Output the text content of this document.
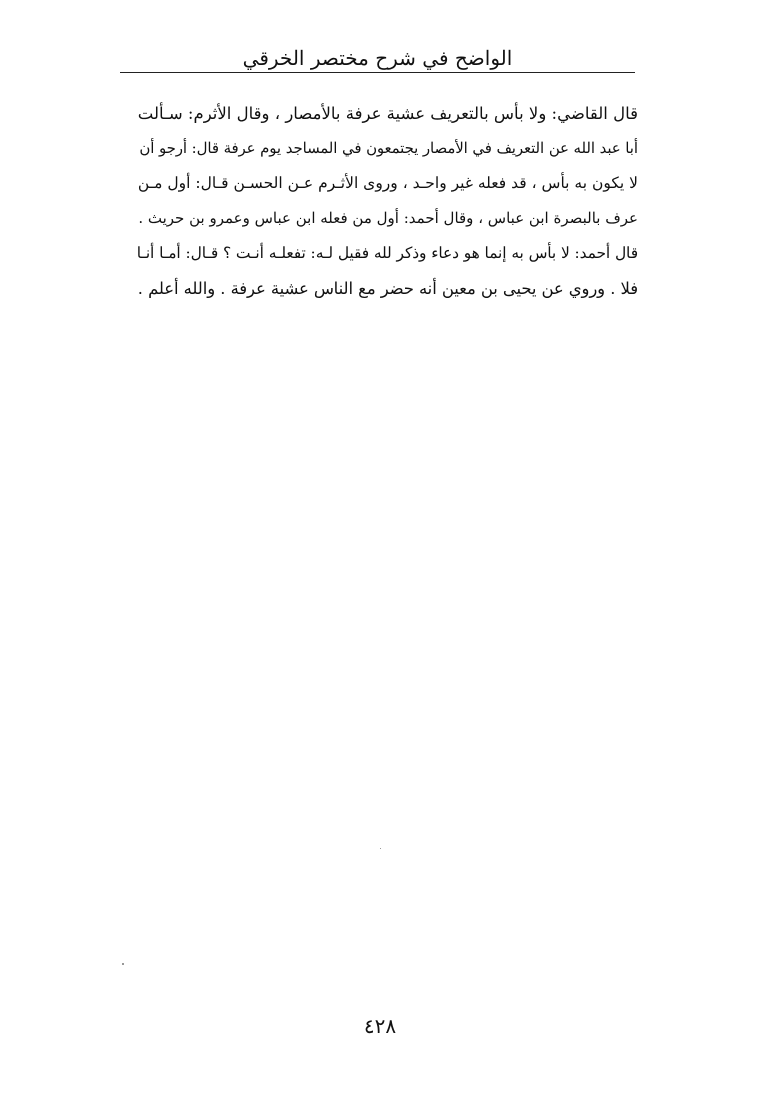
الواضح في شرح مختصر الخرقي
قال القاضي: ولا بأس بالتعريف عشية عرفة بالأمصار ، وقال الأثرم: سـألت
أبا عبد الله عن التعريف في الأمصار يجتمعون في المساجد يوم عرفة قال: أرجو أن
لا يكون به بأس ، قد فعله غير واحـد ، وروى الأثـرم عـن الحسـن قـال: أول مـن
عرف بالبصرة ابن عباس ، وقال أحمد: أول من فعله ابن عباس وعمرو بن حريث .
قال أحمد: لا بأس به إنما هو دعاء وذكر لله فقيل لـه: تفعلـه أنـت ؟ قـال: أمـا أنـا
فلا . وروي عن يحيى بن معين أنه حضر مع الناس عشية عرفة . والله أعلم .
٤٢٨
